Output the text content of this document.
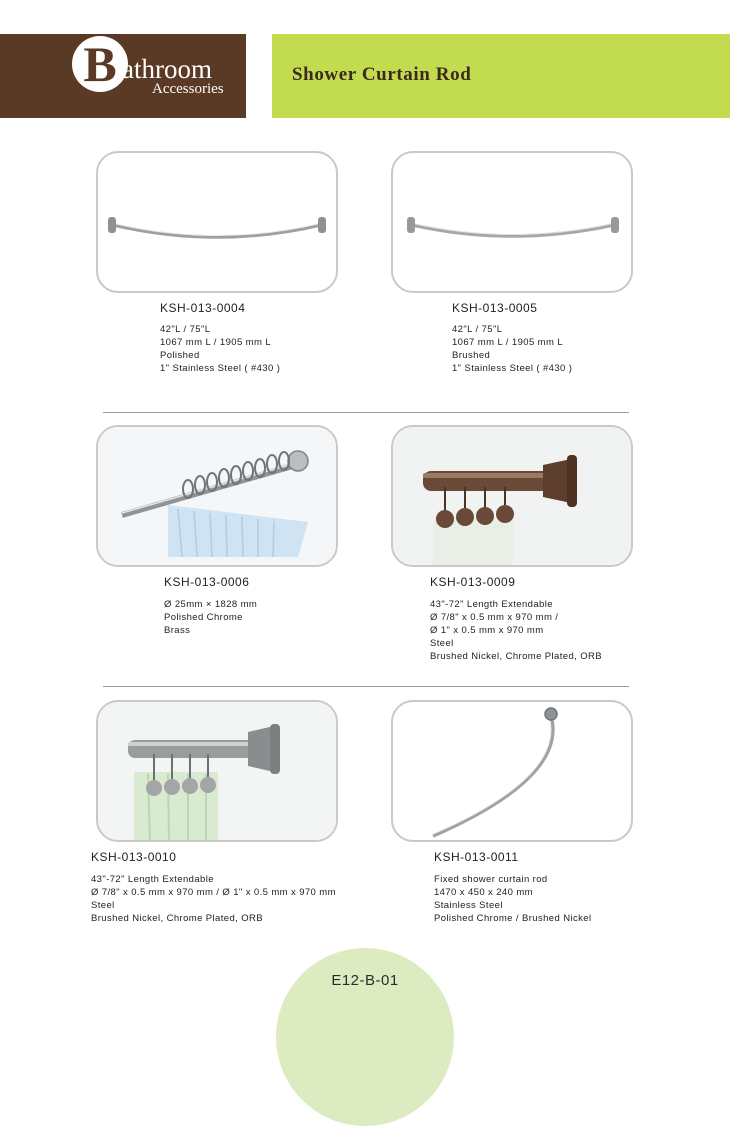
B athroom
Accessories
Shower Curtain Rod
KSH-013-0004
42"L / 75"L
1067 mm L / 1905 mm L
Polished
1" Stainless Steel ( #430 )
KSH-013-0005
42"L / 75"L
1067 mm L / 1905 mm L
Brushed
1" Stainless Steel ( #430 )
KSH-013-0006
Ø 25mm × 1828 mm
Polished Chrome
Brass
KSH-013-0009
43"-72" Length Extendable
Ø 7/8" x 0.5 mm x 970 mm /
Ø 1" x 0.5 mm x 970 mm
Steel
Brushed Nickel, Chrome Plated, ORB
KSH-013-0010
43"-72" Length Extendable
Ø 7/8" x 0.5 mm x 970 mm / Ø 1" x 0.5 mm x 970 mm
Steel
Brushed Nickel, Chrome Plated, ORB
KSH-013-0011
Fixed shower curtain rod
1470 x 450 x 240 mm
Stainless Steel
Polished Chrome / Brushed Nickel
E12-B-01
